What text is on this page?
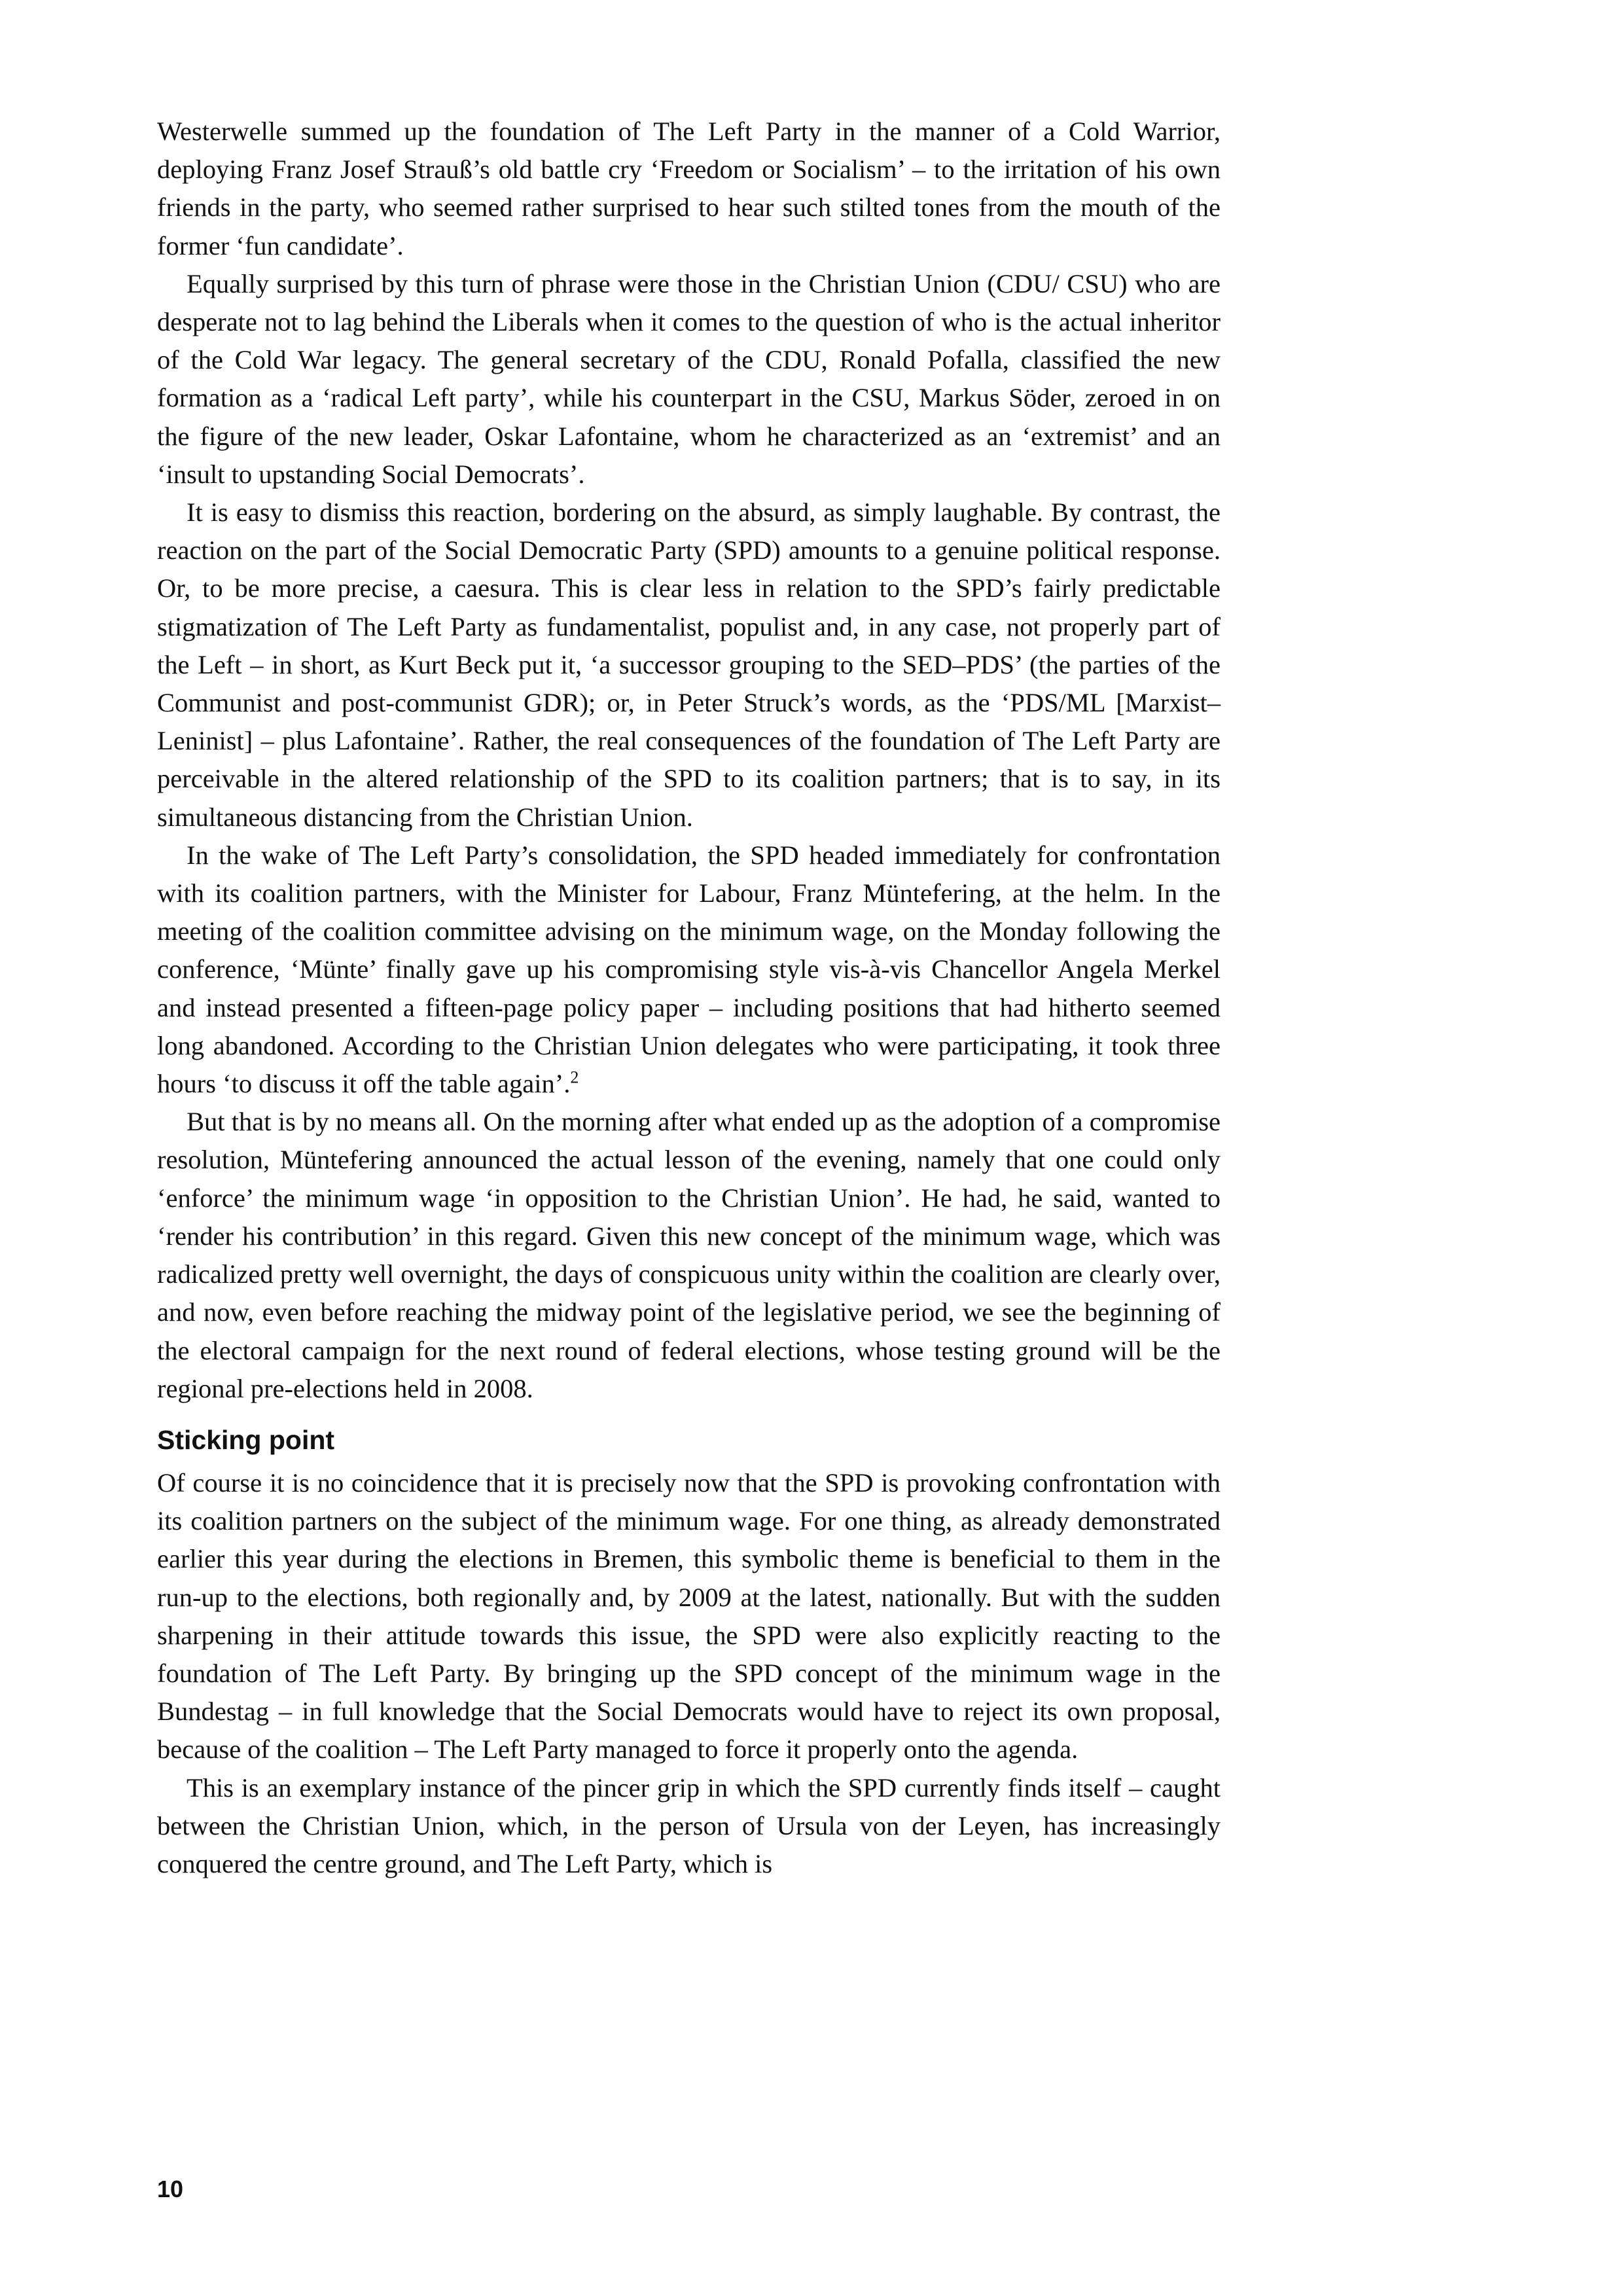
Westerwelle summed up the foundation of The Left Party in the manner of a Cold Warrior, deploying Franz Josef Strauß’s old battle cry ‘Freedom or Socialism’ – to the irritation of his own friends in the party, who seemed rather surprised to hear such stilted tones from the mouth of the former ‘fun candidate’.

Equally surprised by this turn of phrase were those in the Christian Union (CDU/ CSU) who are desperate not to lag behind the Liberals when it comes to the question of who is the actual inheritor of the Cold War legacy. The general secretary of the CDU, Ronald Pofalla, classified the new formation as a ‘radical Left party’, while his counterpart in the CSU, Markus Söder, zeroed in on the figure of the new leader, Oskar Lafontaine, whom he characterized as an ‘extremist’ and an ‘insult to upstanding Social Democrats’.

It is easy to dismiss this reaction, bordering on the absurd, as simply laughable. By contrast, the reaction on the part of the Social Democratic Party (SPD) amounts to a genuine political response. Or, to be more precise, a caesura. This is clear less in relation to the SPD’s fairly predictable stigmatization of The Left Party as fundamentalist, populist and, in any case, not properly part of the Left – in short, as Kurt Beck put it, ‘a successor grouping to the SED–PDS’ (the parties of the Communist and post-communist GDR); or, in Peter Struck’s words, as the ‘PDS/ML [Marxist–Leninist] – plus Lafontaine’. Rather, the real consequences of the foundation of The Left Party are perceivable in the altered relationship of the SPD to its coalition partners; that is to say, in its simultaneous distancing from the Christian Union.

In the wake of The Left Party’s consolidation, the SPD headed immediately for confrontation with its coalition partners, with the Minister for Labour, Franz Müntefering, at the helm. In the meeting of the coalition committee advising on the minimum wage, on the Monday following the conference, ‘Münte’ finally gave up his compromising style vis-à-vis Chancellor Angela Merkel and instead presented a fifteen-page policy paper – including positions that had hitherto seemed long abandoned. According to the Christian Union delegates who were participating, it took three hours ‘to discuss it off the table again’.$^2$

But that is by no means all. On the morning after what ended up as the adoption of a compromise resolution, Müntefering announced the actual lesson of the evening, namely that one could only ‘enforce’ the minimum wage ‘in opposition to the Christian Union’. He had, he said, wanted to ‘render his contribution’ in this regard. Given this new concept of the minimum wage, which was radicalized pretty well overnight, the days of conspicuous unity within the coalition are clearly over, and now, even before reaching the midway point of the legislative period, we see the beginning of the electoral campaign for the next round of federal elections, whose testing ground will be the regional pre-elections held in 2008.

Sticking point

Of course it is no coincidence that it is precisely now that the SPD is provoking confrontation with its coalition partners on the subject of the minimum wage. For one thing, as already demonstrated earlier this year during the elections in Bremen, this symbolic theme is beneficial to them in the run-up to the elections, both regionally and, by 2009 at the latest, nationally. But with the sudden sharpening in their attitude towards this issue, the SPD were also explicitly reacting to the foundation of The Left Party. By bringing up the SPD concept of the minimum wage in the Bundestag – in full knowledge that the Social Democrats would have to reject its own proposal, because of the coalition – The Left Party managed to force it properly onto the agenda.

This is an exemplary instance of the pincer grip in which the SPD currently finds itself – caught between the Christian Union, which, in the person of Ursula von der Leyen, has increasingly conquered the centre ground, and The Left Party, which is

10
